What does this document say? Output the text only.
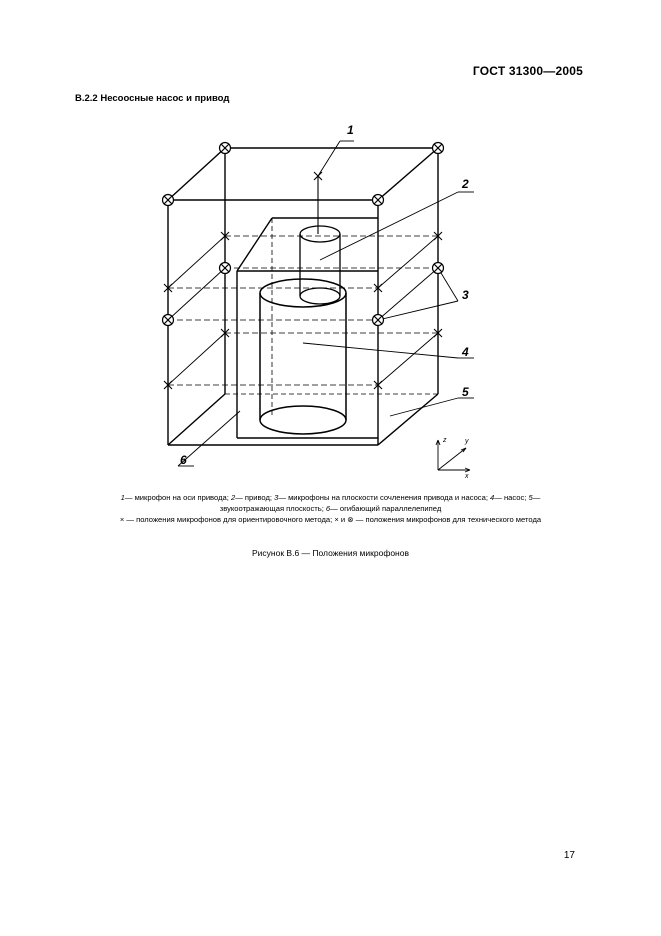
ГОСТ 31300—2005
В.2.2 Несоосные насос и привод
1
2
3
4
5
6
z	y
x
1— микрофон на оси привода; 2— привод; 3— микрофоны на плоскости сочленения привода и насоса; 4— насос; 5— звукоотражающая плоскость; 6— огибающий параллелепипед
× — положения микрофонов для ориентировочного метода; × и ⊗ — положения микрофонов для технического метода
Рисунок В.6 — Положения микрофонов
17
